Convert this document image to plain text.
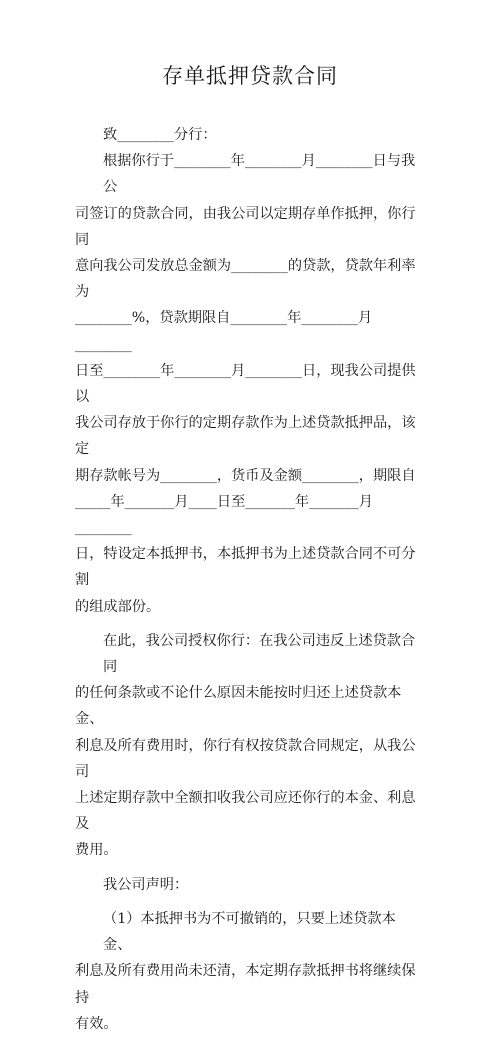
存单抵押贷款合同
致________分行：
根据你行于________年________月________日与我公
司签订的贷款合同，由我公司以定期存单作抵押，你行同
意向我公司发放总金额为________的贷款，贷款年利率为
________%，贷款期限自________年________月________
日至________年________月________日，现我公司提供以
我公司存放于你行的定期存款作为上述贷款抵押品，该定
期存款帐号为________，货币及金额________，期限自
_____年_______月____日至_______年_______月________
日，特设定本抵押书，本抵押书为上述贷款合同不可分割
的组成部份。
在此，我公司授权你行：在我公司违反上述贷款合同
的任何条款或不论什么原因未能按时归还上述贷款本金、
利息及所有费用时，你行有权按贷款合同规定，从我公司
上述定期存款中全额扣收我公司应还你行的本金、利息及
费用。
我公司声明：
（1）本抵押书为不可撤销的，只要上述贷款本金、
利息及所有费用尚未还清，本定期存款抵押书将继续保持
有效。
